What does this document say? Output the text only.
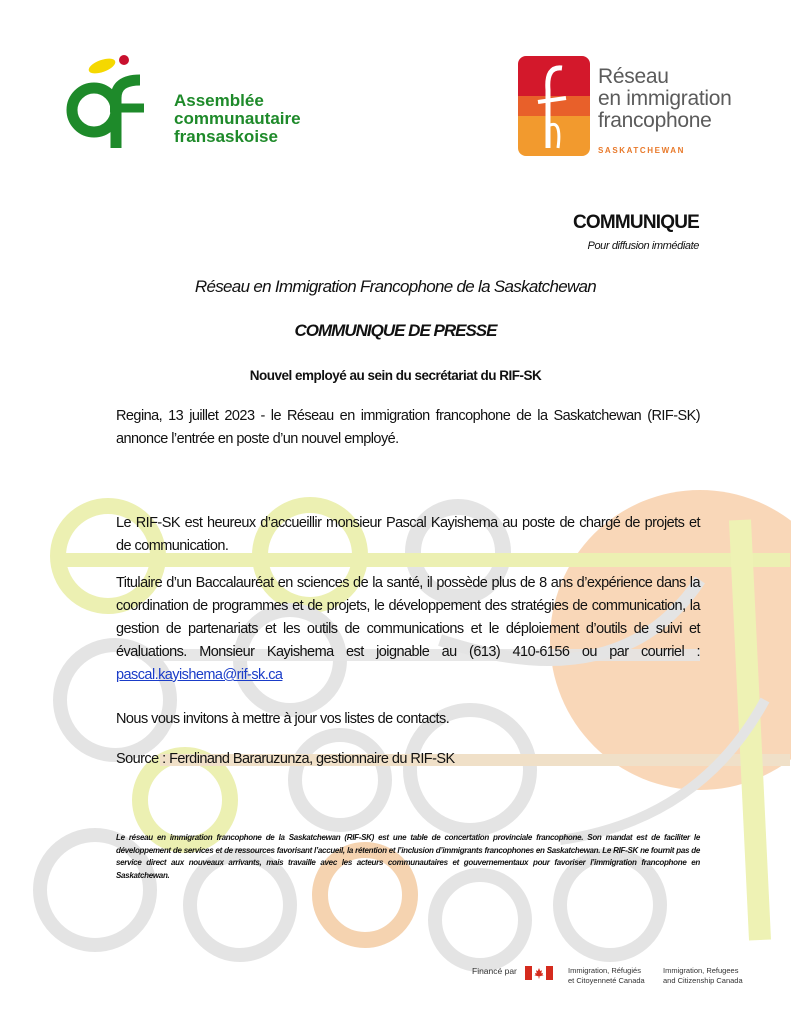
Assemblée
communautaire
fransaskoise
Réseau
en immigration
francophone
SASKATCHEWAN
COMMUNIQUE
Pour diffusion immédiate
Réseau en Immigration Francophone de la Saskatchewan
COMMUNIQUE DE PRESSE
Nouvel employé au sein du secrétariat du RIF-SK
Regina, 13 juillet 2023 - le Réseau en immigration francophone de la Saskatchewan (RIF-SK) annonce l’entrée en poste d’un nouvel employé.
Le RIF-SK est heureux d’accueillir monsieur Pascal Kayishema au poste de chargé de projets et de communication.
Titulaire d’un Baccalauréat en sciences de la santé, il possède plus de 8 ans d’expérience dans la coordination de programmes et de projets, le développement des stratégies de communication, la gestion de partenariats et les outils de communications et le déploiement d’outils de suivi et évaluations. Monsieur Kayishema est joignable au (613) 410-6156 ou par courriel : pascal.kayishema@rif-sk.ca
Nous vous invitons à mettre à jour vos listes de contacts.
Source : Ferdinand Bararuzunza, gestionnaire du RIF-SK
Le réseau en immigration francophone de la Saskatchewan (RIF-SK) est une table de concertation provinciale francophone. Son mandat est de faciliter le développement de services et de ressources favorisant l’accueil, la rétention et l’inclusion d’immigrants francophones en Saskatchewan. Le RIF-SK ne fournit pas de service direct aux nouveaux arrivants, mais travaille avec les acteurs communautaires et gouvernementaux pour favoriser l’immigration francophone en Saskatchewan.
Financé par	Immigration, Réfugiés
et Citoyenneté Canada
Immigration, Refugees
and Citizenship Canada
